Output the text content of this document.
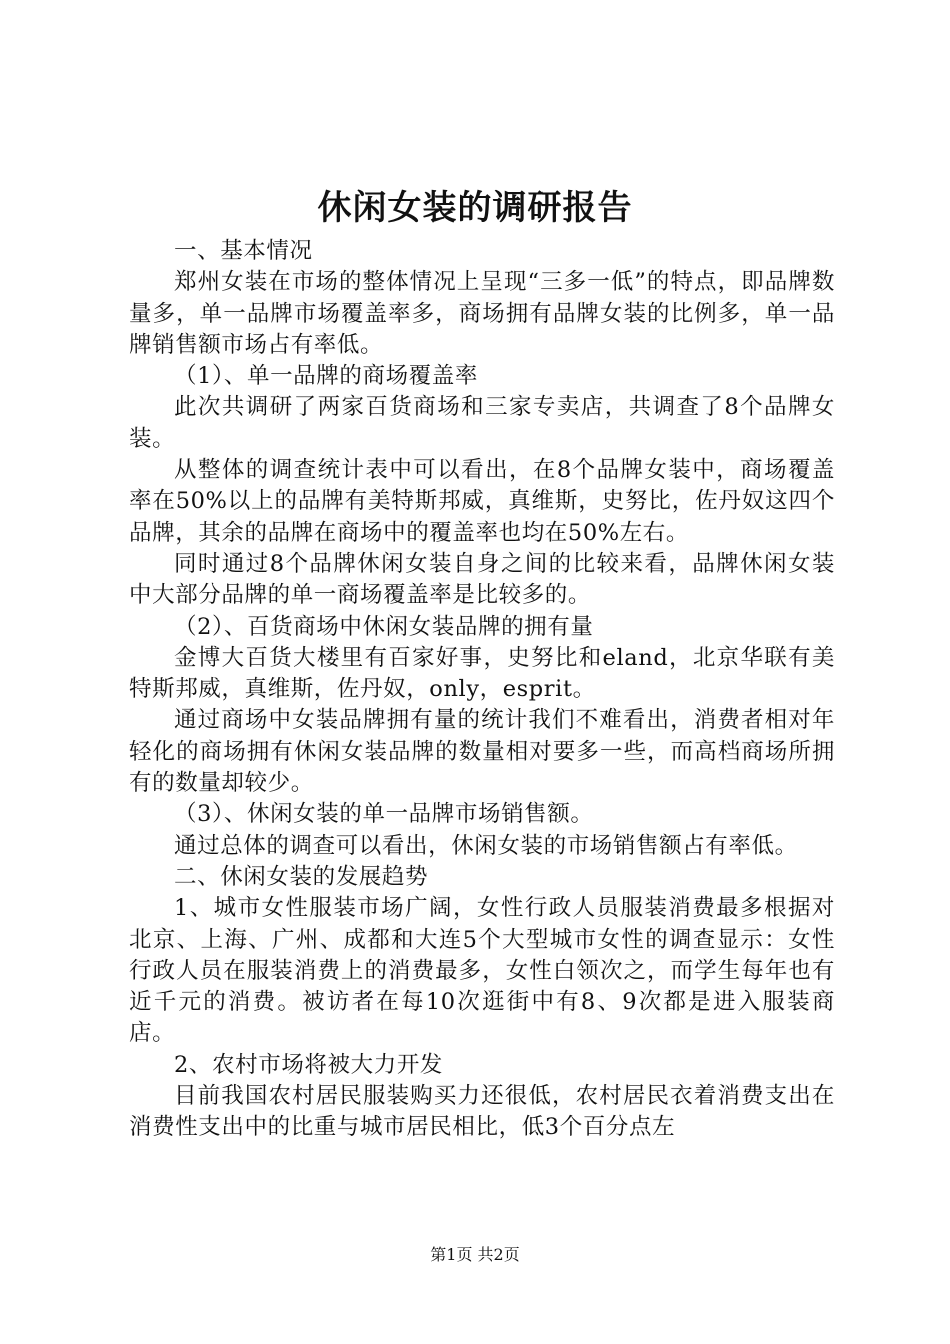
休闲女装的调研报告

一、基本情况

郑州女装在市场的整体情况上呈现“三多一低”的特点，即品牌数量多，单一品牌市场覆盖率多，商场拥有品牌女装的比例多，单一品牌销售额市场占有率低。

（1）、单一品牌的商场覆盖率

此次共调研了两家百货商场和三家专卖店，共调查了8个品牌女装。

从整体的调查统计表中可以看出，在8个品牌女装中，商场覆盖率在50%以上的品牌有美特斯邦威，真维斯，史努比，佐丹奴这四个品牌，其余的品牌在商场中的覆盖率也均在50%左右。

同时通过8个品牌休闲女装自身之间的比较来看，品牌休闲女装中大部分品牌的单一商场覆盖率是比较多的。

（2）、百货商场中休闲女装品牌的拥有量

金博大百货大楼里有百家好事，史努比和eland，北京华联有美特斯邦威，真维斯，佐丹奴，only，esprit。

通过商场中女装品牌拥有量的统计我们不难看出，消费者相对年轻化的商场拥有休闲女装品牌的数量相对要多一些，而高档商场所拥有的数量却较少。

（3）、休闲女装的单一品牌市场销售额。

通过总体的调查可以看出，休闲女装的市场销售额占有率低。

二、休闲女装的发展趋势

1、城市女性服装市场广阔，女性行政人员服装消费最多根据对北京、上海、广州、成都和大连5个大型城市女性的调查显示：女性行政人员在服装消费上的消费最多，女性白领次之，而学生每年也有近千元的消费。被访者在每10次逛街中有8、9次都是进入服装商店。

2、农村市场将被大力开发

目前我国农村居民服装购买力还很低，农村居民衣着消费支出在消费性支出中的比重与城市居民相比，低3个百分点左

第1页 共2页
